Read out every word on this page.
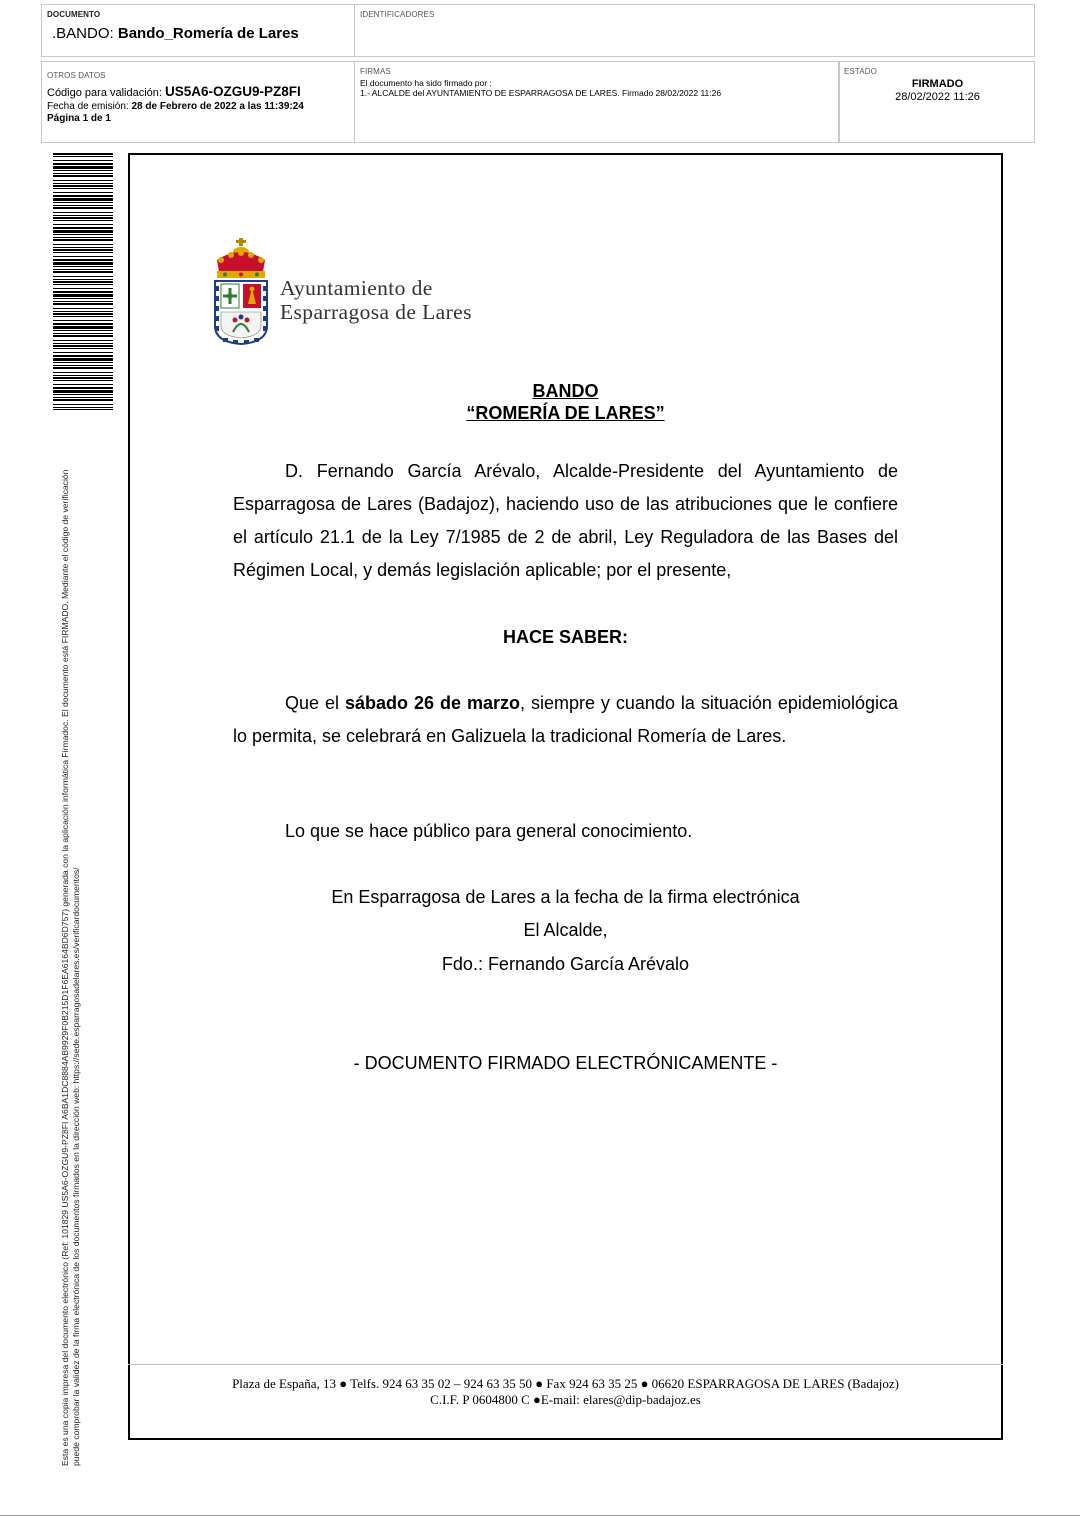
DOCUMENTO
.BANDO: Bando_Romería de Lares
IDENTIFICADORES
OTROS DATOS
Código para validación: US5A6-OZGU9-PZ8FI
Fecha de emisión: 28 de Febrero de 2022 a las 11:39:24
Página 1 de 1
FIRMAS
El documento ha sido firmado por :
1.- ALCALDE del AYUNTAMIENTO DE ESPARRAGOSA DE LARES. Firmado 28/02/2022 11:26
ESTADO
FIRMADO
28/02/2022 11:26
Esta es una copia impresa del documento electrónico (Ref: 101829 US5A6-OZGU9-PZ8FI A6BA1DC8884AB9929F0B215D1F6EA6164BD6D757) generada con la aplicación informática Firmadoc. El documento está FIRMADO. Mediante el código de verificación puede comprobar la validez de la firma electrónica de los documentos firmados en la dirección web: https://sede.esparragosadelares.es/verificardocumentos/
Ayuntamiento de
Esparragosa de Lares
BANDO
“ROMERÍA DE LARES”
D. Fernando García Arévalo, Alcalde-Presidente del Ayuntamiento de Esparragosa de Lares (Badajoz), haciendo uso de las atribuciones que le confiere el artículo 21.1 de la Ley 7/1985 de 2 de abril, Ley Reguladora de las Bases del Régimen Local, y demás legislación aplicable; por el presente,
HACE SABER:
Que el sábado 26 de marzo, siempre y cuando la situación epidemiológica lo permita, se celebrará en Galizuela la tradicional Romería de Lares.
Lo que se hace público para general conocimiento.
En Esparragosa de Lares a la fecha de la firma electrónica
El Alcalde,
Fdo.: Fernando García Arévalo
- DOCUMENTO FIRMADO ELECTRÓNICAMENTE -
Plaza de España, 13 ● Telfs. 924 63 35 02 – 924 63 35 50 ● Fax 924 63 35 25 ● 06620 ESPARRAGOSA DE LARES (Badajoz)
C.I.F. P 0604800 C ●E-mail: elares@dip-badajoz.es
